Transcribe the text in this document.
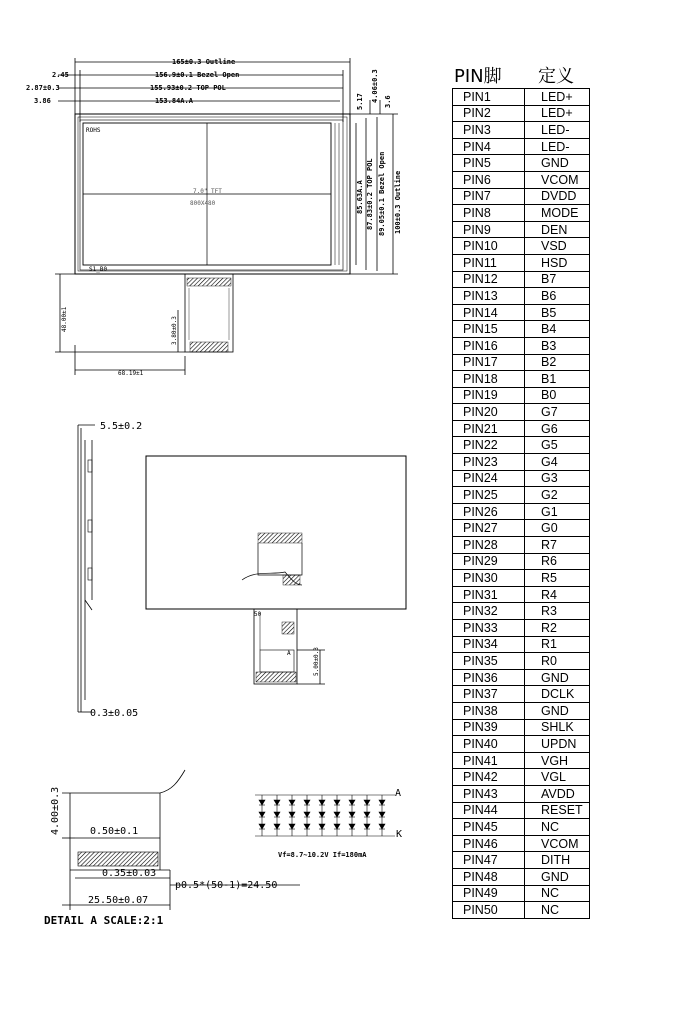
165±0.3 Outline
156.9±0.1 Bezel Open
155.93±0.2 TOP POL
153.84A.A
2.45
2.87±0.3
3.86	5.17 4.06±0.3 3.6
85.63A.A 87.83±0.2 TOP POL 89.05±0.1 Bezel Open 100±0.3 Outline
7.0" TFT
800X480
ROHS
S1_B0
48.00±1	3.80±0.3
68.19±1
5.5±0.2
0.3±0.05
50
A	5.00±0.3
4.00±0.3	0.50±0.1
0.35±0.03
p0.5*(50-1)=24.50
25.50±0.07
DETAIL A SCALE:2:1
A
K
Vf=8.7~10.2V If=180mA
PIN脚 定义
PIN1	LED+
PIN2	LED+
PIN3	LED-
PIN4	LED-
PIN5	GND
PIN6	VCOM
PIN7	DVDD
PIN8	MODE
PIN9	DEN
PIN10	VSD
PIN11	HSD
PIN12	B7
PIN13	B6
PIN14	B5
PIN15	B4
PIN16	B3
PIN17	B2
PIN18	B1
PIN19	B0
PIN20	G7
PIN21	G6
PIN22	G5
PIN23	G4
PIN24	G3
PIN25	G2
PIN26	G1
PIN27	G0
PIN28	R7
PIN29	R6
PIN30	R5
PIN31	R4
PIN32	R3
PIN33	R2
PIN34	R1
PIN35	R0
PIN36	GND
PIN37	DCLK
PIN38	GND
PIN39	SHLK
PIN40	UPDN
PIN41	VGH
PIN42	VGL
PIN43	AVDD
PIN44	RESET
PIN45	NC
PIN46	VCOM
PIN47	DITH
PIN48	GND
PIN49	NC
PIN50	NC
